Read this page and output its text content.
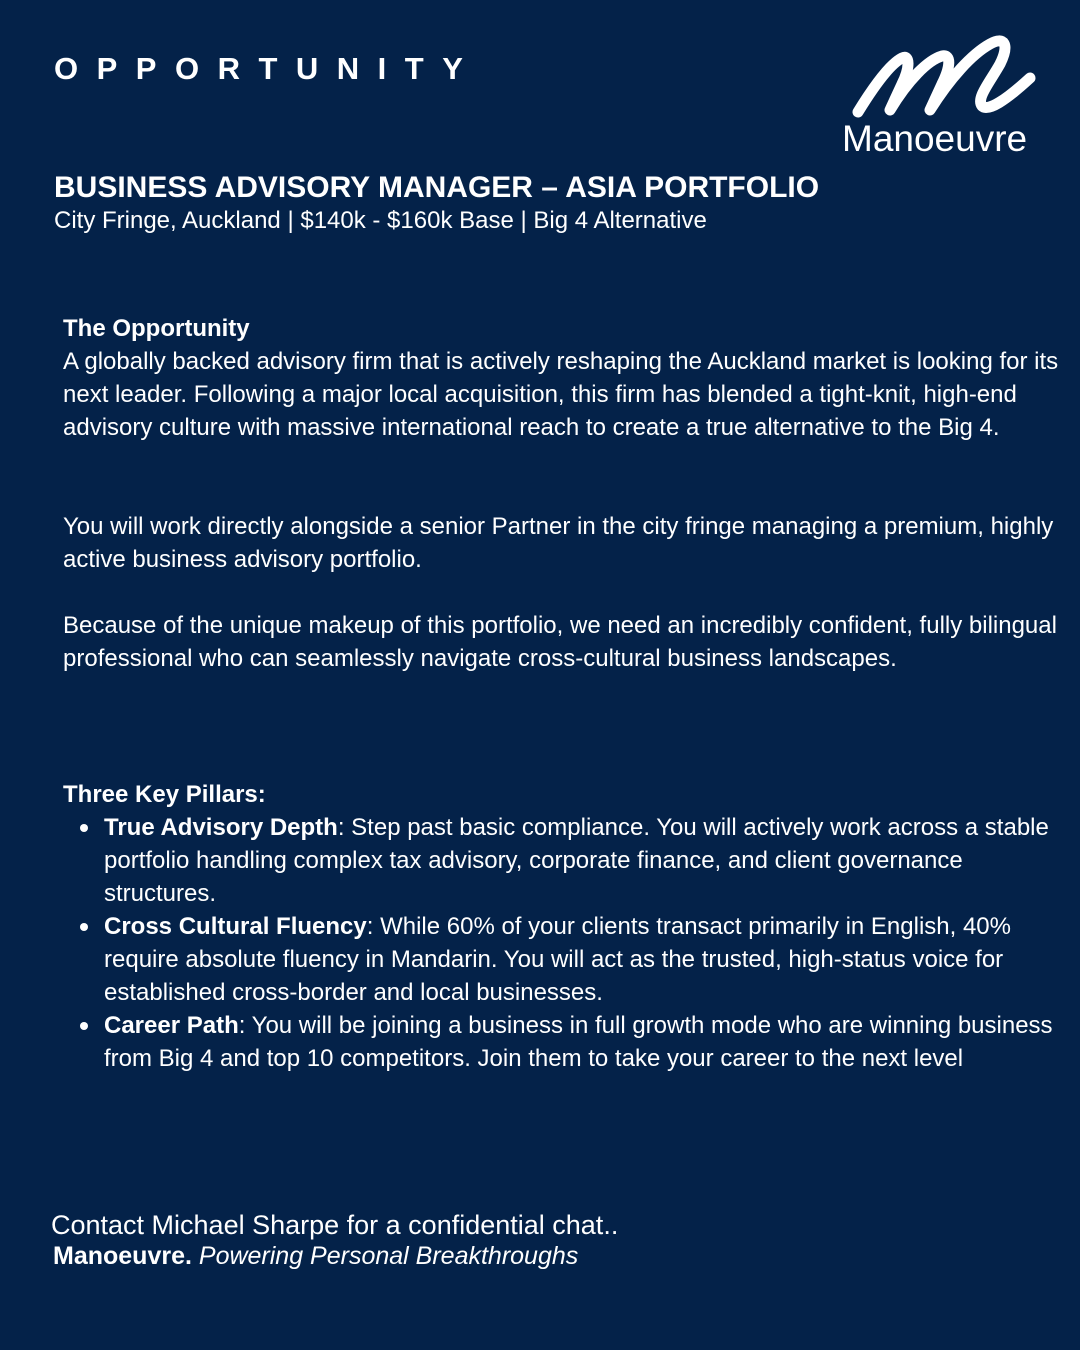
OPPORTUNITY
Manoeuvre
BUSINESS ADVISORY MANAGER – ASIA PORTFOLIO
City Fringe, Auckland | $140k - $160k Base | Big 4 Alternative

The Opportunity

A globally backed advisory firm that is actively reshaping the Auckland market is looking for its next leader. Following a major local acquisition, this firm has blended a tight-knit, high-end advisory culture with massive international reach to create a true alternative to the Big 4.

You will work directly alongside a senior Partner in the city fringe managing a premium, highly active business advisory portfolio.

Because of the unique makeup of this portfolio, we need an incredibly confident, fully bilingual professional who can seamlessly navigate cross-cultural business landscapes.

Three Key Pillars:

True Advisory Depth: Step past basic compliance. You will actively work across a stable portfolio handling complex tax advisory, corporate finance, and client governance structures.
Cross Cultural Fluency: While 60% of your clients transact primarily in English, 40% require absolute fluency in Mandarin. You will act as the trusted, high-status voice for established cross-border and local businesses.
Career Path: You will be joining a business in full growth mode who are winning business from Big 4 and top 10 competitors. Join them to take your career to the next level
Contact Michael Sharpe for a confidential chat..
Manoeuvre. Powering Personal Breakthroughs
